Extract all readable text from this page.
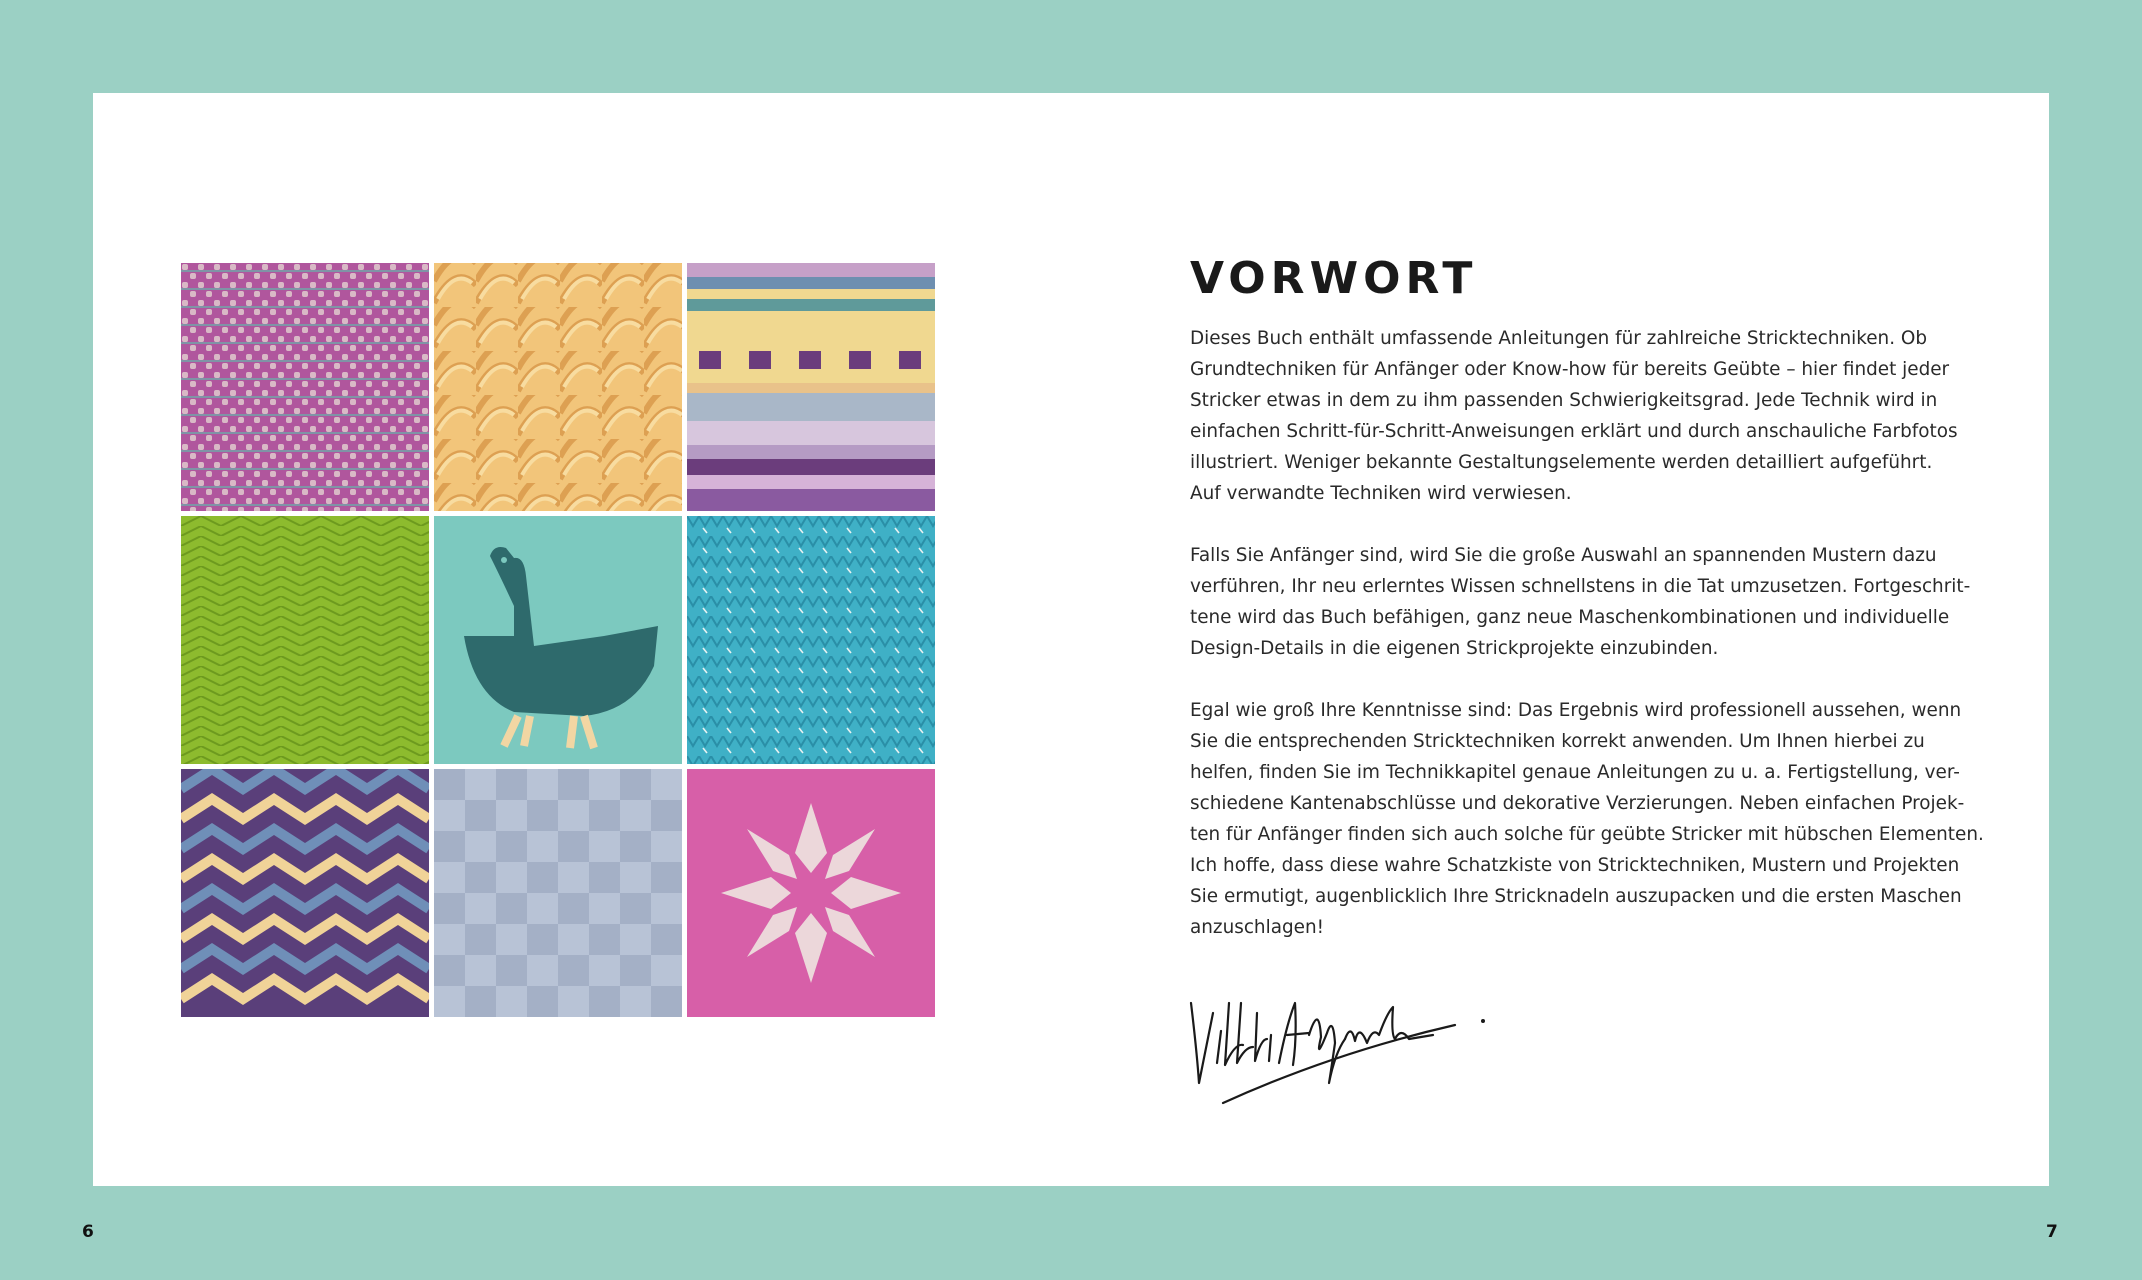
VORWORT

Dieses Buch enthält umfassende Anleitungen für zahlreiche Stricktechniken. Ob
Grundtechniken für Anfänger oder Know-how für bereits Geübte – hier findet jeder
Stricker etwas in dem zu ihm passenden Schwierigkeitsgrad. Jede Technik wird in
einfachen Schritt-für-Schritt-Anweisungen erklärt und durch anschauliche Farbfotos
illustriert. Weniger bekannte Gestaltungselemente werden detailliert aufgeführt.
Auf verwandte Techniken wird verwiesen.

Falls Sie Anfänger sind, wird Sie die große Auswahl an spannenden Mustern dazu
verführen, Ihr neu erlerntes Wissen schnellstens in die Tat umzusetzen. Fortgeschrit-
tene wird das Buch befähigen, ganz neue Maschenkombinationen und individuelle
Design-Details in die eigenen Strickprojekte einzubinden.

Egal wie groß Ihre Kenntnisse sind: Das Ergebnis wird professionell aussehen, wenn
Sie die entsprechenden Stricktechniken korrekt anwenden. Um Ihnen hierbei zu
helfen, finden Sie im Technikkapitel genaue Anleitungen zu u. a. Fertigstellung, ver-
schiedene Kantenabschlüsse und dekorative Verzierungen. Neben einfachen Projek-
ten für Anfänger finden sich auch solche für geübte Stricker mit hübschen Elementen.
Ich hoffe, dass diese wahre Schatzkiste von Stricktechniken, Mustern und Projekten
Sie ermutigt, augenblicklich Ihre Stricknadeln auszupacken und die ersten Maschen
anzuschlagen!

6	7
